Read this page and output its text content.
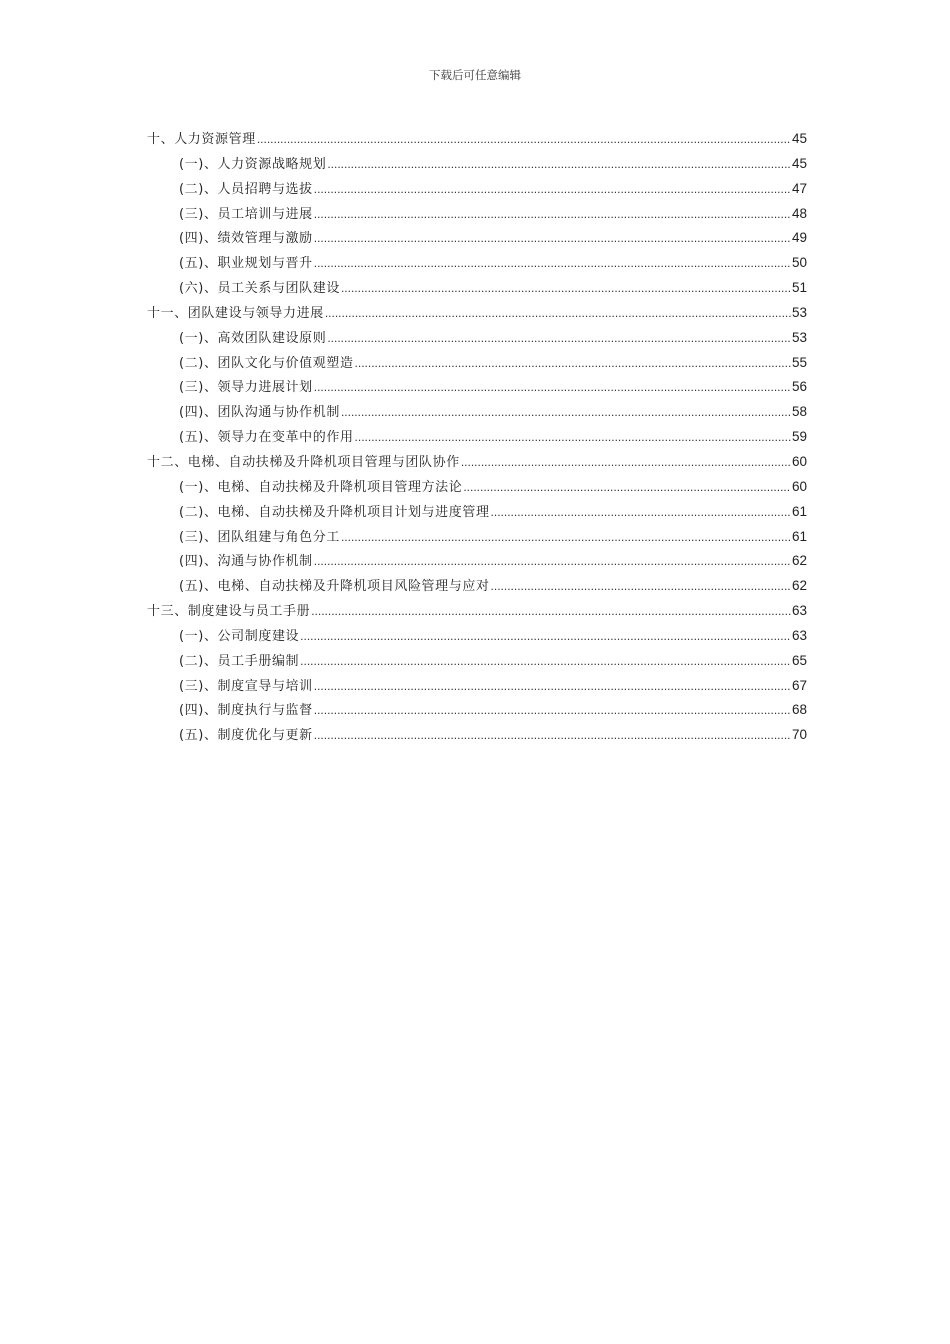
下载后可任意编辑
十、人力资源管理 .....	45
(一)、人力资源战略规划 .....	45
(二)、人员招聘与选拔 .....	47
(三)、员工培训与进展 .....	48
(四)、绩效管理与激励 .....	49
(五)、职业规划与晋升 .....	50
(六)、员工关系与团队建设 .....	51
十一、团队建设与领导力进展 .....	53
(一)、高效团队建设原则 .....	53
(二)、团队文化与价值观塑造 .....	55
(三)、领导力进展计划 .....	56
(四)、团队沟通与协作机制 .....	58
(五)、领导力在变革中的作用 .....	59
十二、电梯、自动扶梯及升降机项目管理与团队协作 .....	60
(一)、电梯、自动扶梯及升降机项目管理方法论 .....	60
(二)、电梯、自动扶梯及升降机项目计划与进度管理 .....	61
(三)、团队组建与角色分工 .....	61
(四)、沟通与协作机制 .....	62
(五)、电梯、自动扶梯及升降机项目风险管理与应对 .....	62
十三、制度建设与员工手册 .....	63
(一)、公司制度建设 .....	63
(二)、员工手册编制 .....	65
(三)、制度宣导与培训 .....	67
(四)、制度执行与监督 .....	68
(五)、制度优化与更新 .....	70
